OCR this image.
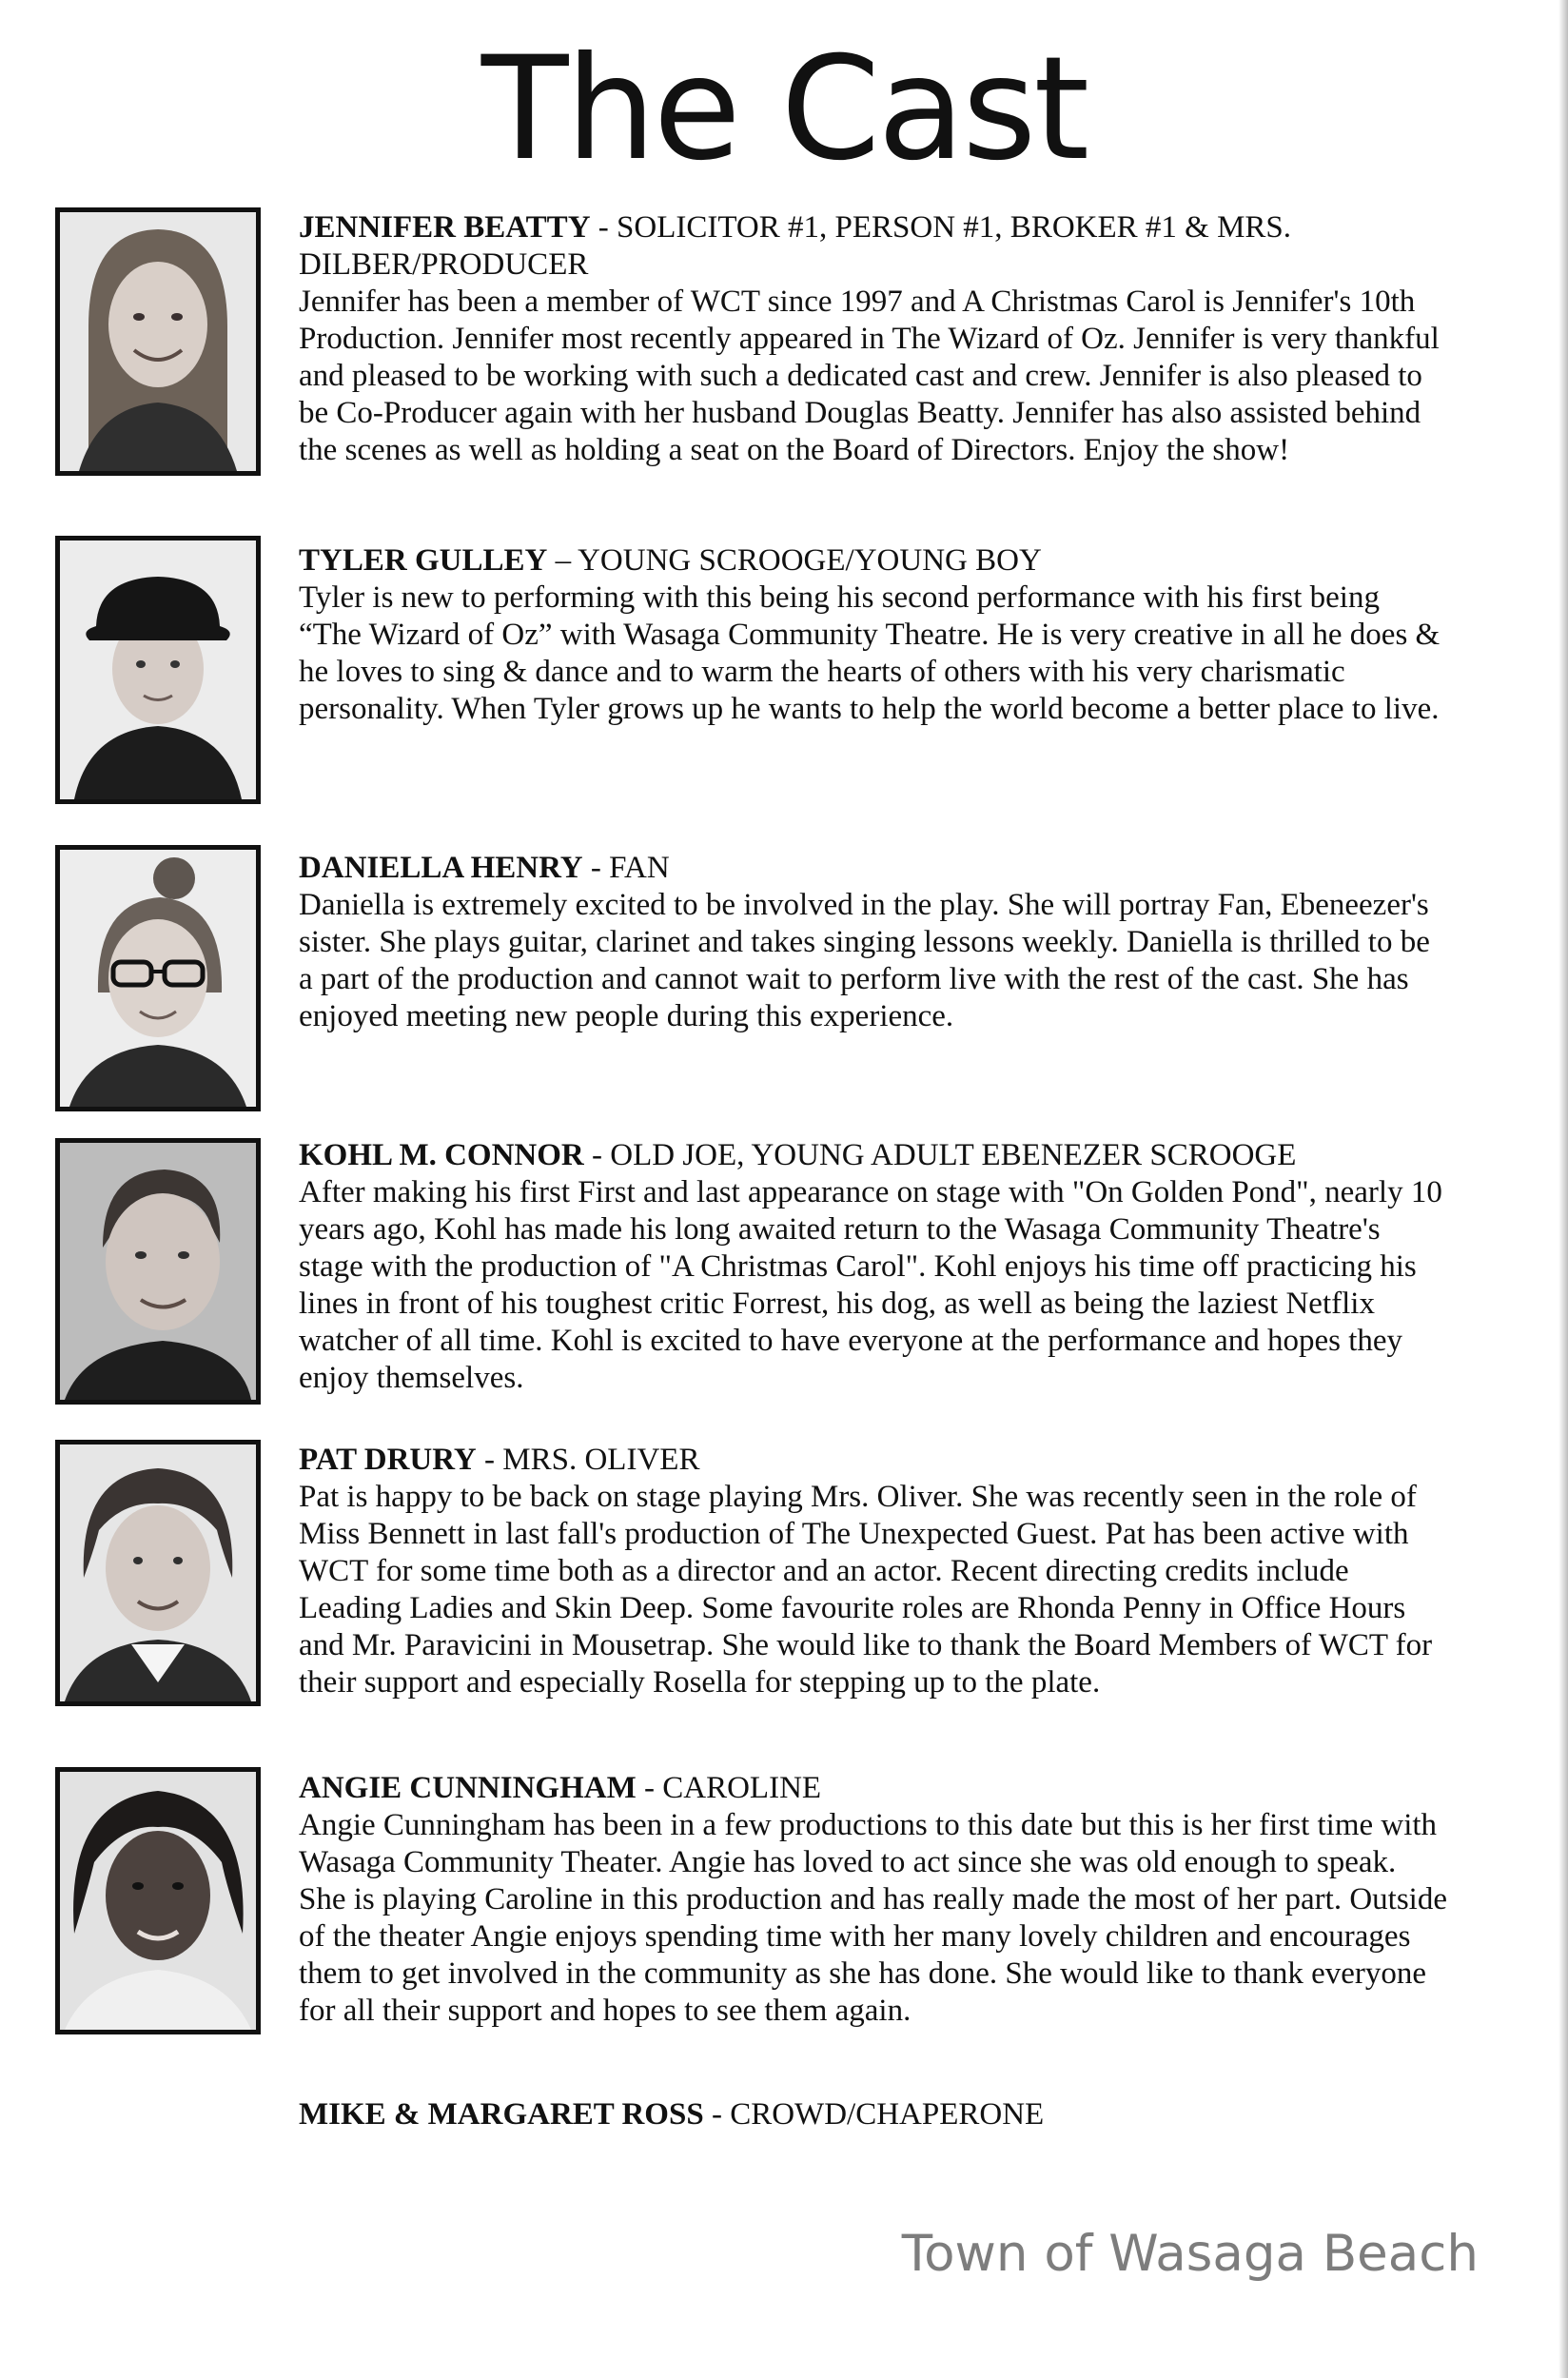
The Cast
JENNIFER BEATTY - SOLICITOR #1, PERSON #1, BROKER #1 & MRS. DILBER/PRODUCER
Jennifer has been a member of WCT since 1997 and A Christmas Carol is Jennifer's 10th Production. Jennifer most recently appeared in The Wizard of Oz. Jennifer is very thankful and pleased to be working with such a dedicated cast and crew. Jennifer is also pleased to be Co-Producer again with her husband Douglas Beatty. Jennifer has also assisted behind the scenes as well as holding a seat on the Board of Directors. Enjoy the show!
TYLER GULLEY – YOUNG SCROOGE/YOUNG BOY
Tyler is new to performing with this being his second performance with his first being “The Wizard of Oz” with Wasaga Community Theatre. He is very creative in all he does & he loves to sing & dance and to warm the hearts of others with his very charismatic personality. When Tyler grows up he wants to help the world become a better place to live.
DANIELLA HENRY - FAN
Daniella is extremely excited to be involved in the play. She will portray Fan, Ebeneezer's sister. She plays guitar, clarinet and takes singing lessons weekly. Daniella is thrilled to be a part of the production and cannot wait to perform live with the rest of the cast. She has enjoyed meeting new people during this experience.
KOHL M. CONNOR - OLD JOE, YOUNG ADULT EBENEZER SCROOGE
After making his first First and last appearance on stage with "On Golden Pond", nearly 10 years ago, Kohl has made his long awaited return to the Wasaga Community Theatre's stage with the production of "A Christmas Carol". Kohl enjoys his time off practicing his lines in front of his toughest critic Forrest, his dog, as well as being the laziest Netflix watcher of all time. Kohl is excited to have everyone at the performance and hopes they enjoy themselves.
PAT DRURY - MRS. OLIVER
Pat is happy to be back on stage playing Mrs. Oliver. She was recently seen in the role of Miss Bennett in last fall's production of The Unexpected Guest. Pat has been active with WCT for some time both as a director and an actor. Recent directing credits include Leading Ladies and Skin Deep. Some favourite roles are Rhonda Penny in Office Hours and Mr. Paravicini in Mousetrap. She would like to thank the Board Members of WCT for their support and especially Rosella for stepping up to the plate.
ANGIE CUNNINGHAM - CAROLINE
Angie Cunningham has been in a few productions to this date but this is her first time with Wasaga Community Theater. Angie has loved to act since she was old enough to speak. She is playing Caroline in this production and has really made the most of her part. Outside of the theater Angie enjoys spending time with her many lovely children and encourages them to get involved in the community as she has done. She would like to thank everyone for all their support and hopes to see them again.
MIKE & MARGARET ROSS - CROWD/CHAPERONE
Town of Wasaga Beach
